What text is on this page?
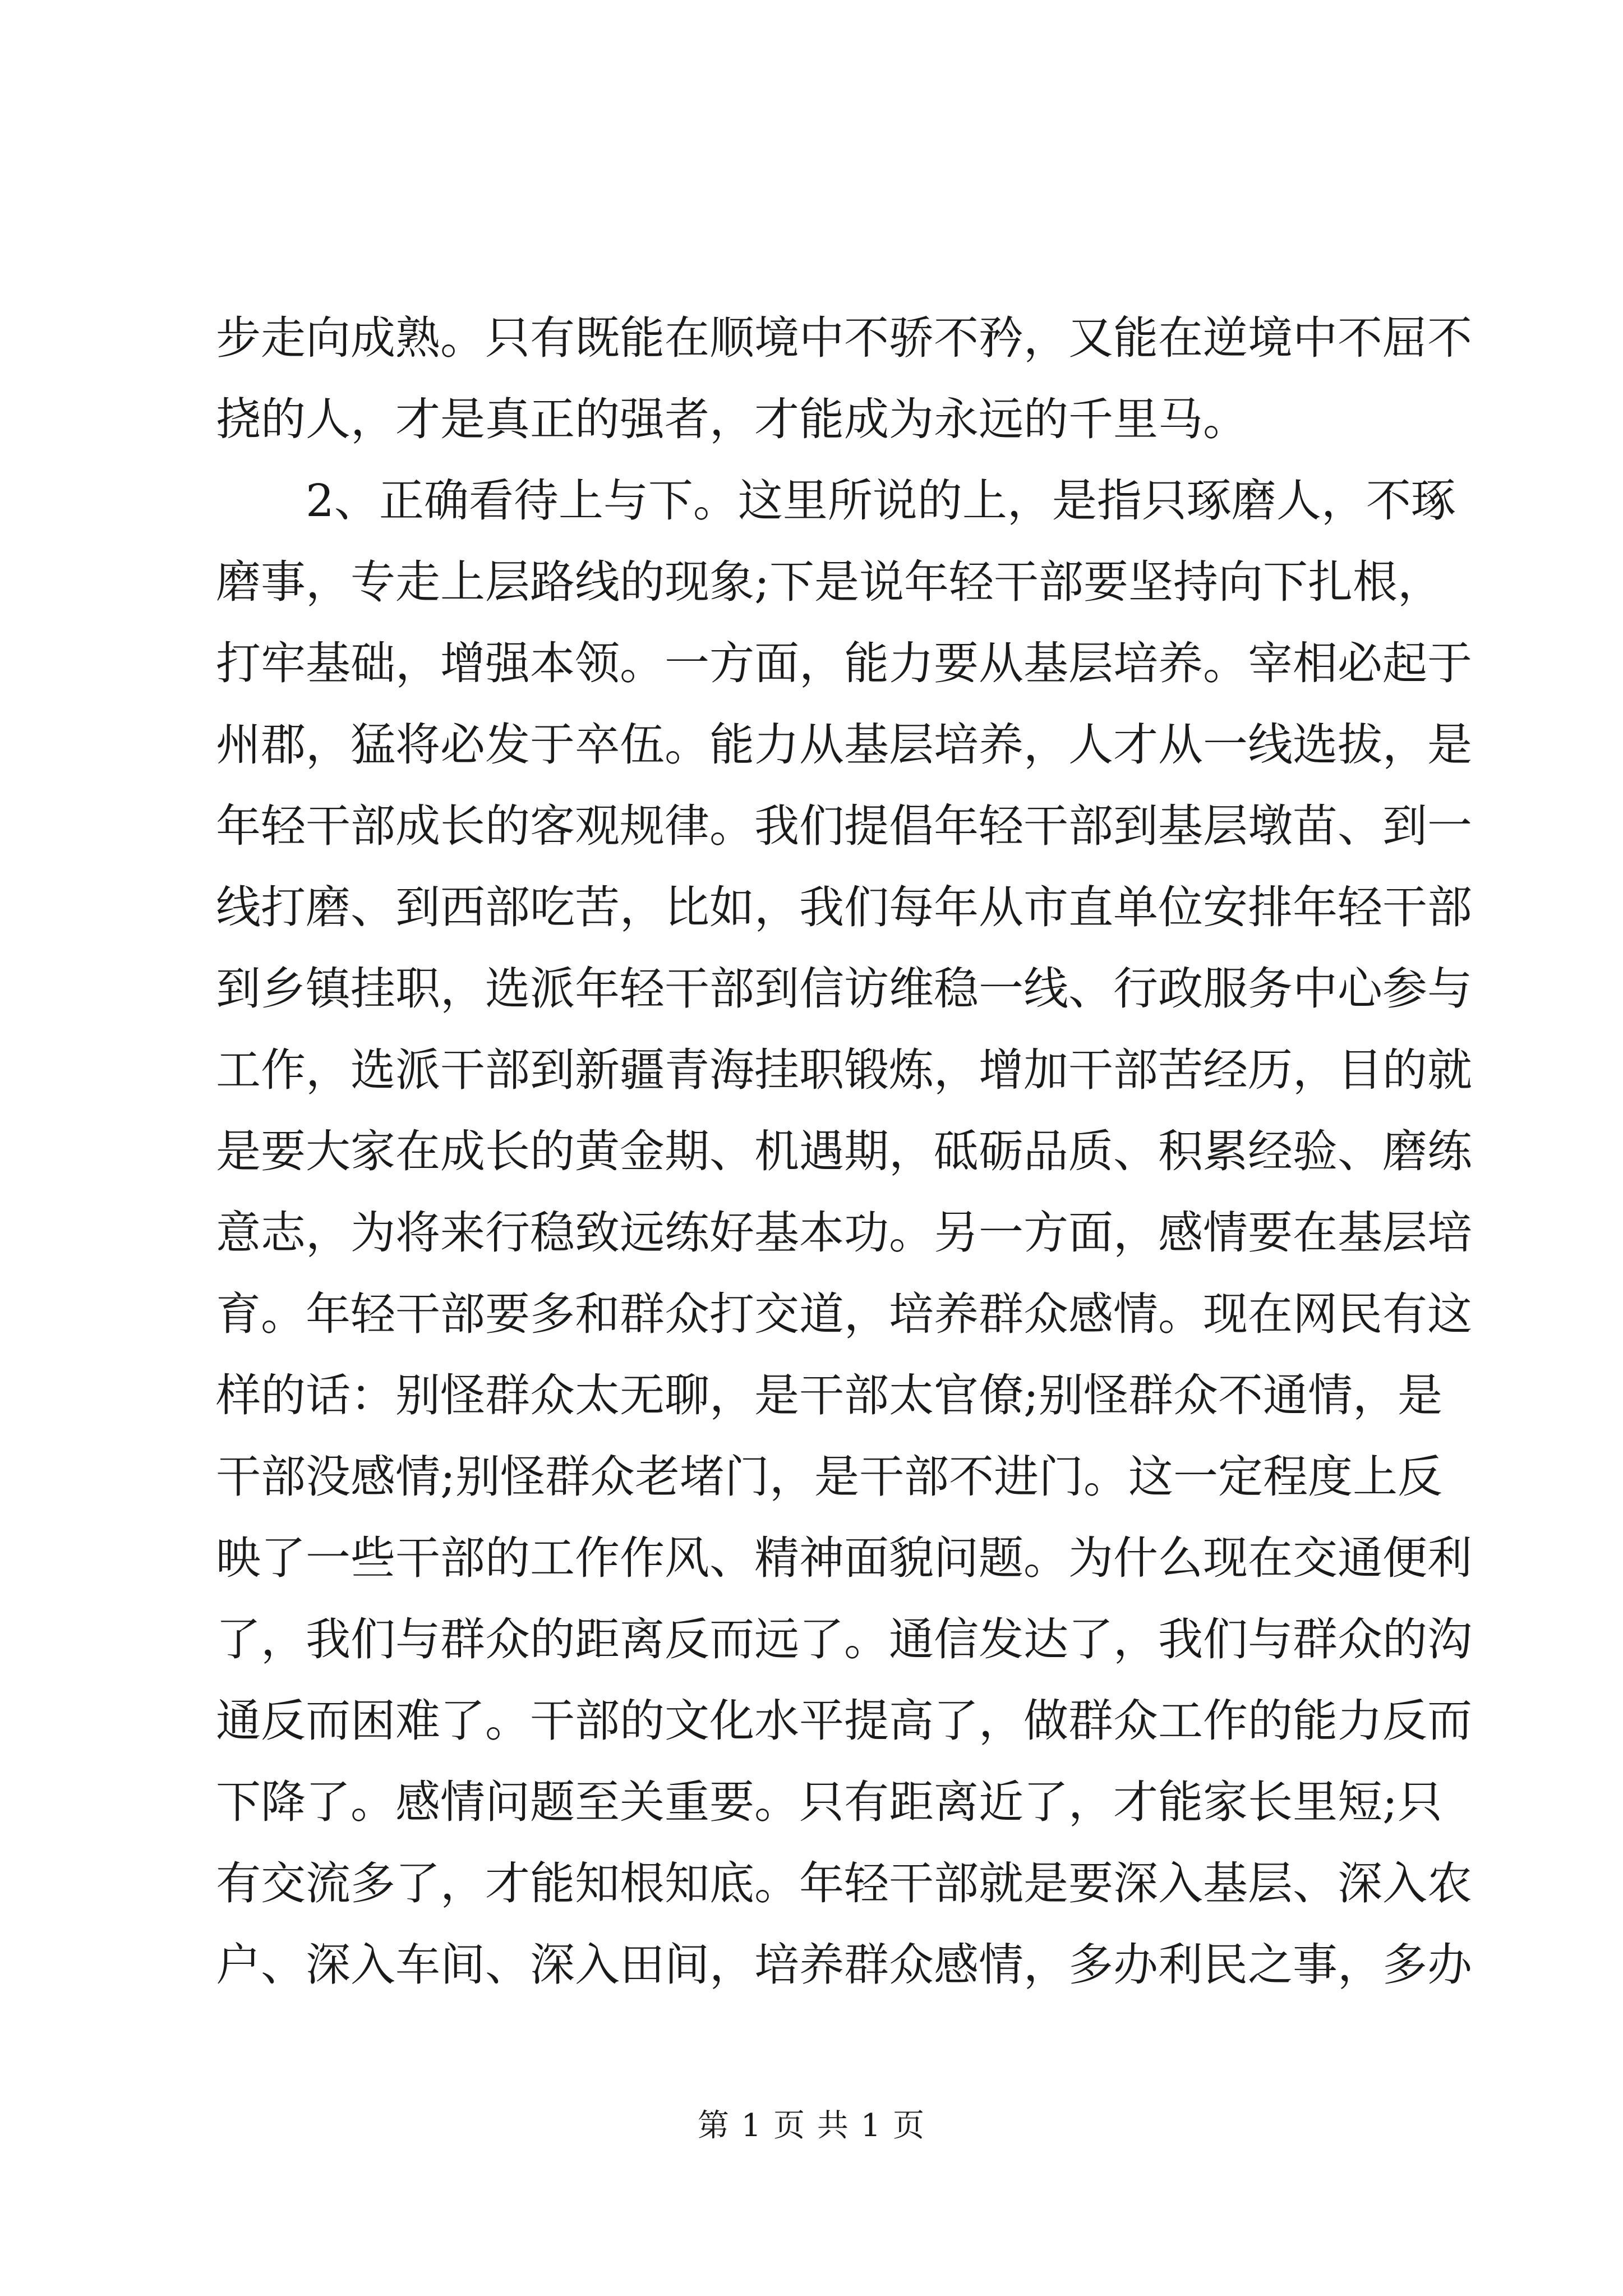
步走向成熟。只有既能在顺境中不骄不矜，又能在逆境中不屈不
挠的人，才是真正的强者，才能成为永远的千里马。
2、正确看待上与下。这里所说的上，是指只琢磨人，不琢
磨事，专走上层路线的现象;下是说年轻干部要坚持向下扎根，
打牢基础，增强本领。一方面，能力要从基层培养。宰相必起于
州郡，猛将必发于卒伍。能力从基层培养，人才从一线选拔，是
年轻干部成长的客观规律。我们提倡年轻干部到基层墩苗、到一
线打磨、到西部吃苦，比如，我们每年从市直单位安排年轻干部
到乡镇挂职，选派年轻干部到信访维稳一线、行政服务中心参与
工作，选派干部到新疆青海挂职锻炼，增加干部苦经历，目的就
是要大家在成长的黄金期、机遇期，砥砺品质、积累经验、磨练
意志，为将来行稳致远练好基本功。另一方面，感情要在基层培
育。年轻干部要多和群众打交道，培养群众感情。现在网民有这
样的话：别怪群众太无聊，是干部太官僚;别怪群众不通情，是
干部没感情;别怪群众老堵门，是干部不进门。这一定程度上反
映了一些干部的工作作风、精神面貌问题。为什么现在交通便利
了，我们与群众的距离反而远了。通信发达了，我们与群众的沟
通反而困难了。干部的文化水平提高了，做群众工作的能力反而
下降了。感情问题至关重要。只有距离近了，才能家长里短;只
有交流多了，才能知根知底。年轻干部就是要深入基层、深入农
户、深入车间、深入田间，培养群众感情，多办利民之事，多办
第 1 页 共 1 页
